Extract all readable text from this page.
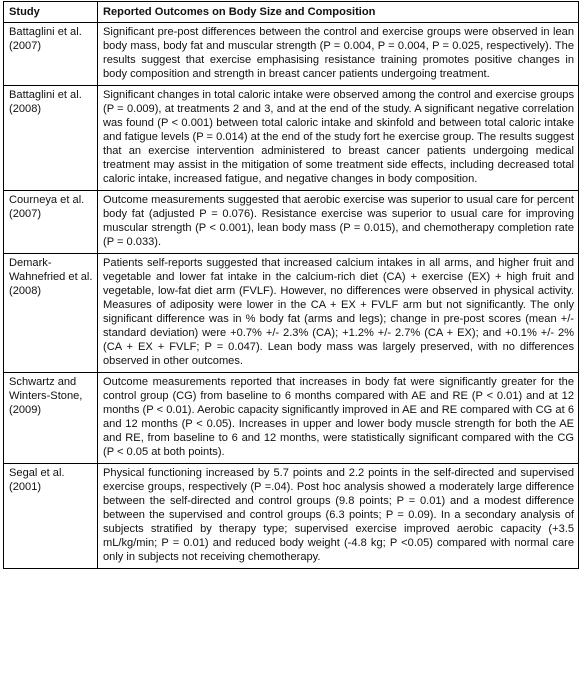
Study	Reported Outcomes on Body Size and Composition
Battaglini et al. (2007)	Significant pre-post differences between the control and exercise groups were observed in lean body mass, body fat and muscular strength (P = 0.004, P = 0.004, P = 0.025, respectively). The results suggest that exercise emphasising resistance training promotes positive changes in body composition and strength in breast cancer patients undergoing treatment.
Battaglini et al. (2008)	Significant changes in total caloric intake were observed among the control and exercise groups (P = 0.009), at treatments 2 and 3, and at the end of the study. A significant negative correlation was found (P < 0.001) between total caloric intake and skinfold and between total caloric intake and fatigue levels (P = 0.014) at the end of the study fort he exercise group. The results suggest that an exercise intervention administered to breast cancer patients undergoing medical treatment may assist in the mitigation of some treatment side effects, including decreased total caloric intake, increased fatigue, and negative changes in body composition.
Courneya et al. (2007)	Outcome measurements suggested that aerobic exercise was superior to usual care for percent body fat (adjusted P = 0.076). Resistance exercise was superior to usual care for improving muscular strength (P < 0.001), lean body mass (P = 0.015), and chemotherapy completion rate (P = 0.033).
Demark-Wahnefried et al. (2008)	Patients self-reports suggested that increased calcium intakes in all arms, and higher fruit and vegetable and lower fat intake in the calcium-rich diet (CA) + exercise (EX) + high fruit and vegetable, low-fat diet arm (FVLF). However, no differences were observed in physical activity. Measures of adiposity were lower in the CA + EX + FVLF arm but not significantly. The only significant difference was in % body fat (arms and legs); change in pre-post scores (mean +/- standard deviation) were +0.7% +/- 2.3% (CA); +1.2% +/- 2.7% (CA + EX); and +0.1% +/- 2% (CA + EX + FVLF; P = 0.047). Lean body mass was largely preserved, with no differences observed in other outcomes.
Schwartz and Winters-Stone, (2009)	Outcome measurements reported that increases in body fat were significantly greater for the control group (CG) from baseline to 6 months compared with AE and RE (P < 0.01) and at 12 months (P < 0.01). Aerobic capacity significantly improved in AE and RE compared with CG at 6 and 12 months (P < 0.05). Increases in upper and lower body muscle strength for both the AE and RE, from baseline to 6 and 12 months, were statistically significant compared with the CG (P < 0.05 at both points).
Segal et al. (2001)	Physical functioning increased by 5.7 points and 2.2 points in the self-directed and supervised exercise groups, respectively (P =.04). Post hoc analysis showed a moderately large difference between the self-directed and control groups (9.8 points; P = 0.01) and a modest difference between the supervised and control groups (6.3 points; P = 0.09). In a secondary analysis of subjects stratified by therapy type; supervised exercise improved aerobic capacity (+3.5 mL/kg/min; P = 0.01) and reduced body weight (-4.8 kg; P <0.05) compared with normal care only in subjects not receiving chemotherapy.
